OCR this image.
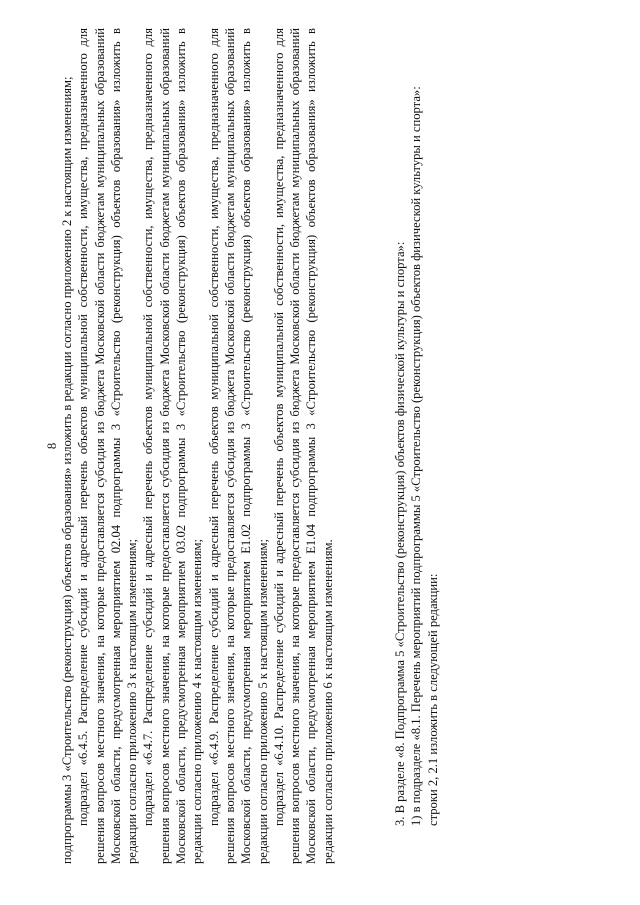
8 подпрограммы 3 «Строительство (реконструкция) объектов образования» изложить в редакции согласно приложению 2 к настоящим изменениям; подраздел «6.4.5. Распределение субсидий и адресный перечень объектов муниципальной собственности, имущества, предназначенного для решения вопросов местного значения, на которые предоставляется субсидия из бюджета Московской области бюджетам муниципальных образований Московской области, предусмотренная мероприятием 02.04 подпрограммы 3 «Строительство (реконструкция) объектов образования» изложить в редакции согласно приложению 3 к настоящим изменениям; подраздел «6.4.7. Распределение субсидий и адресный перечень объектов муниципальной собственности, имущества, предназначенного для решения вопросов местного значения, на которые предоставляется субсидия из бюджета Московской области бюджетам муниципальных образований Московской области, предусмотренная мероприятием 03.02 подпрограммы 3 «Строительство (реконструкция) объектов образования» изложить в редакции согласно приложению 4 к настоящим изменениям; подраздел «6.4.9. Распределение субсидий и адресный перечень объектов муниципальной собственности, имущества, предназначенного для решения вопросов местного значения, на которые предоставляется субсидия из бюджета Московской области бюджетам муниципальных образований Московской области, предусмотренная мероприятием Е1.02 подпрограммы 3 «Строительство (реконструкция) объектов образования» изложить в редакции согласно приложению 5 к настоящим изменениям; подраздел «6.4.10. Распределение субсидий и адресный перечень объектов муниципальной собственности, имущества, предназначенного для решения вопросов местного значения, на которые предоставляется субсидия из бюджета Московской области бюджетам муниципальных образований Московской области, предусмотренная мероприятием Е1.04 подпрограммы 3 «Строительство (реконструкция) объектов образования» изложить в редакции согласно приложению 6 к настоящим изменениям.	3. В разделе «8. Подпрограмма 5 «Строительство (реконструкция) объектов физической культуры и спорта»: 1) в подразделе «8.1. Перечень мероприятий подпрограммы 5 «Строительство (реконструкция) объектов физической культуры и спорта»: строки 2, 2.1 изложить в следующей редакции:
